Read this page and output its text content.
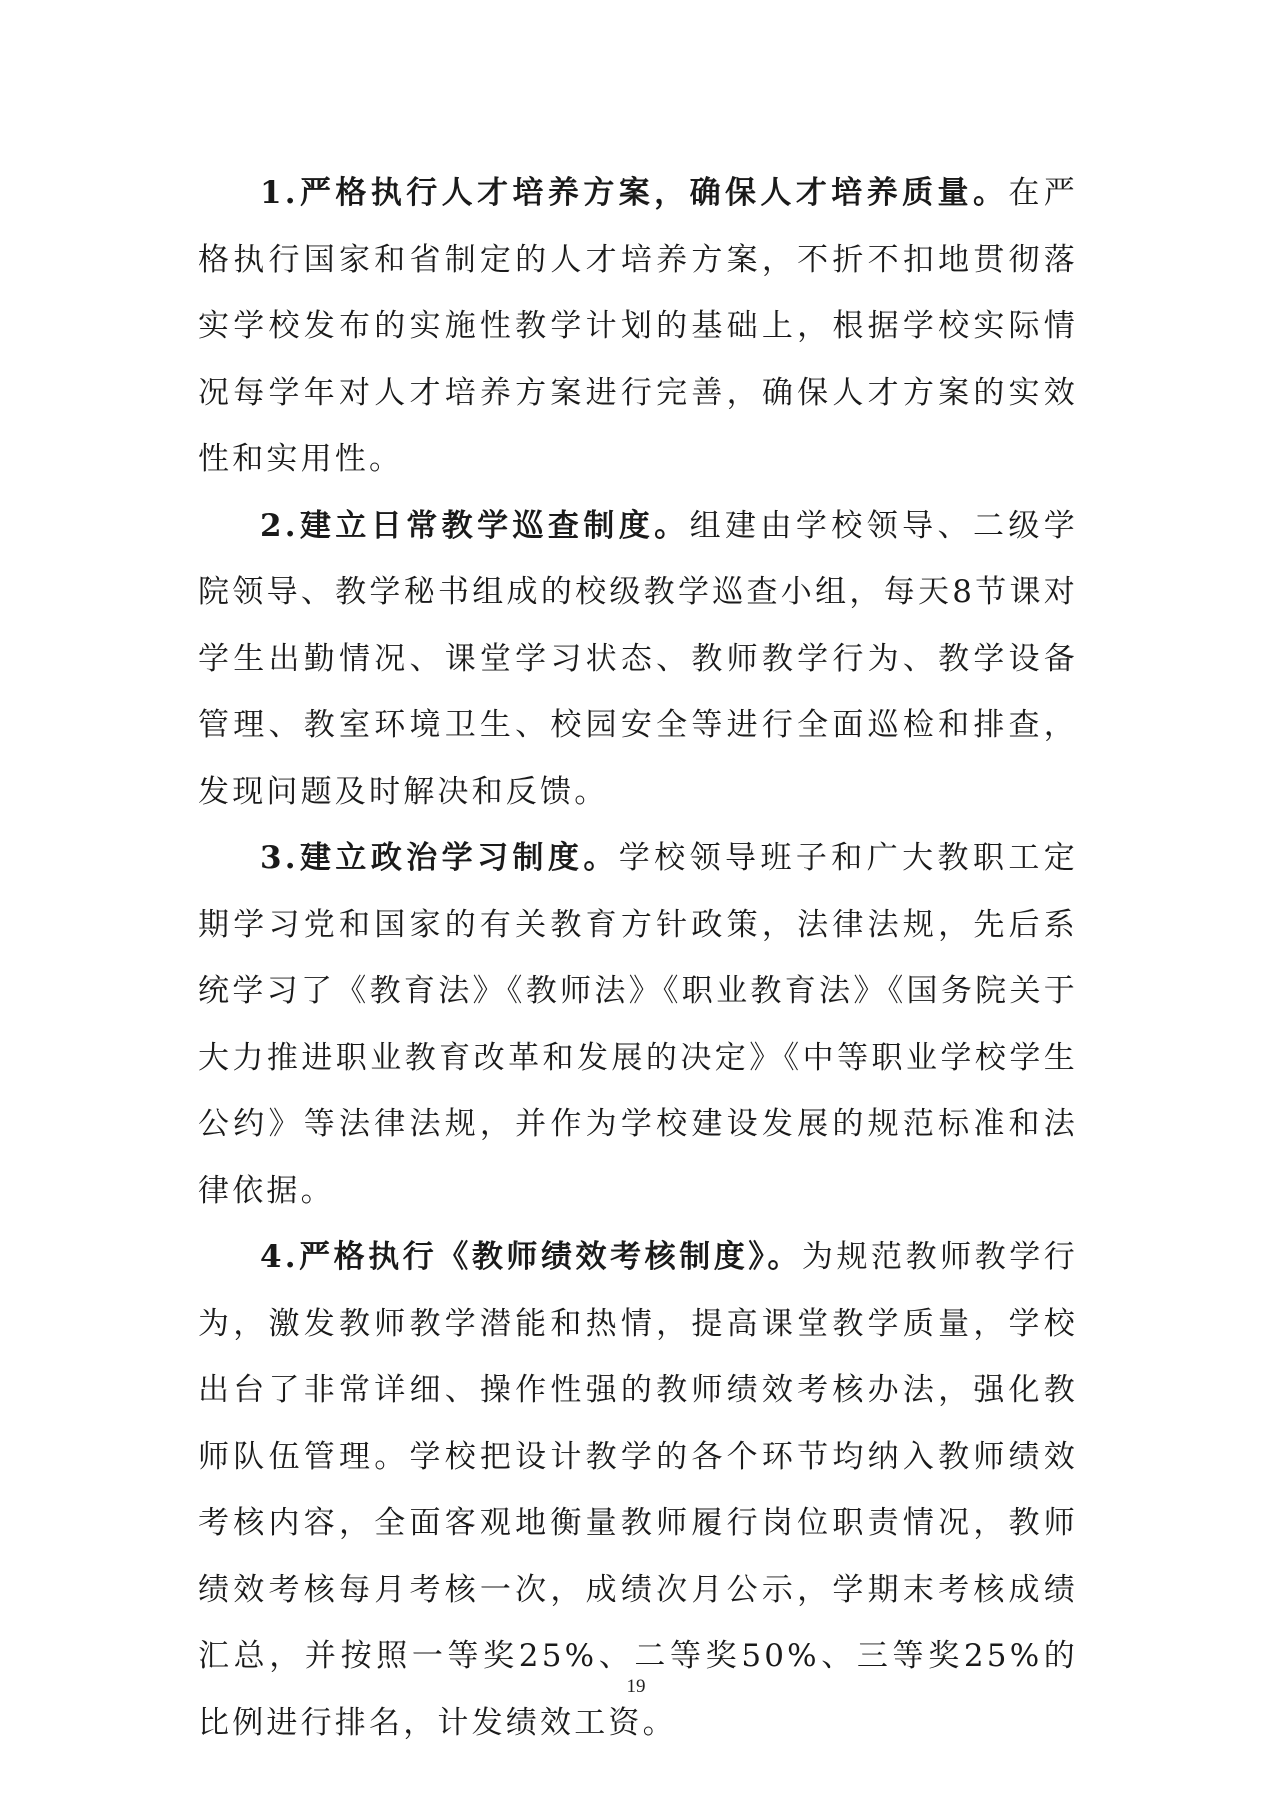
1.严格执行人才培养方案，确保人才培养质量。在严格执行国家和省制定的人才培养方案，不折不扣地贯彻落实学校发布的实施性教学计划的基础上，根据学校实际情况每学年对人才培养方案进行完善，确保人才方案的实效性和实用性。

2.建立日常教学巡查制度。组建由学校领导、二级学院领导、教学秘书组成的校级教学巡查小组，每天8节课对学生出勤情况、课堂学习状态、教师教学行为、教学设备管理、教室环境卫生、校园安全等进行全面巡检和排查，发现问题及时解决和反馈。

3.建立政治学习制度。学校领导班子和广大教职工定期学习党和国家的有关教育方针政策，法律法规，先后系统学习了《教育法》《教师法》《职业教育法》《国务院关于大力推进职业教育改革和发展的决定》《中等职业学校学生公约》等法律法规，并作为学校建设发展的规范标准和法律依据。

4.严格执行《教师绩效考核制度》。为规范教师教学行为，激发教师教学潜能和热情，提高课堂教学质量，学校出台了非常详细、操作性强的教师绩效考核办法，强化教师队伍管理。学校把设计教学的各个环节均纳入教师绩效考核内容，全面客观地衡量教师履行岗位职责情况，教师绩效考核每月考核一次，成绩次月公示，学期末考核成绩汇总，并按照一等奖25%、二等奖50%、三等奖25%的比例进行排名，计发绩效工资。

19
